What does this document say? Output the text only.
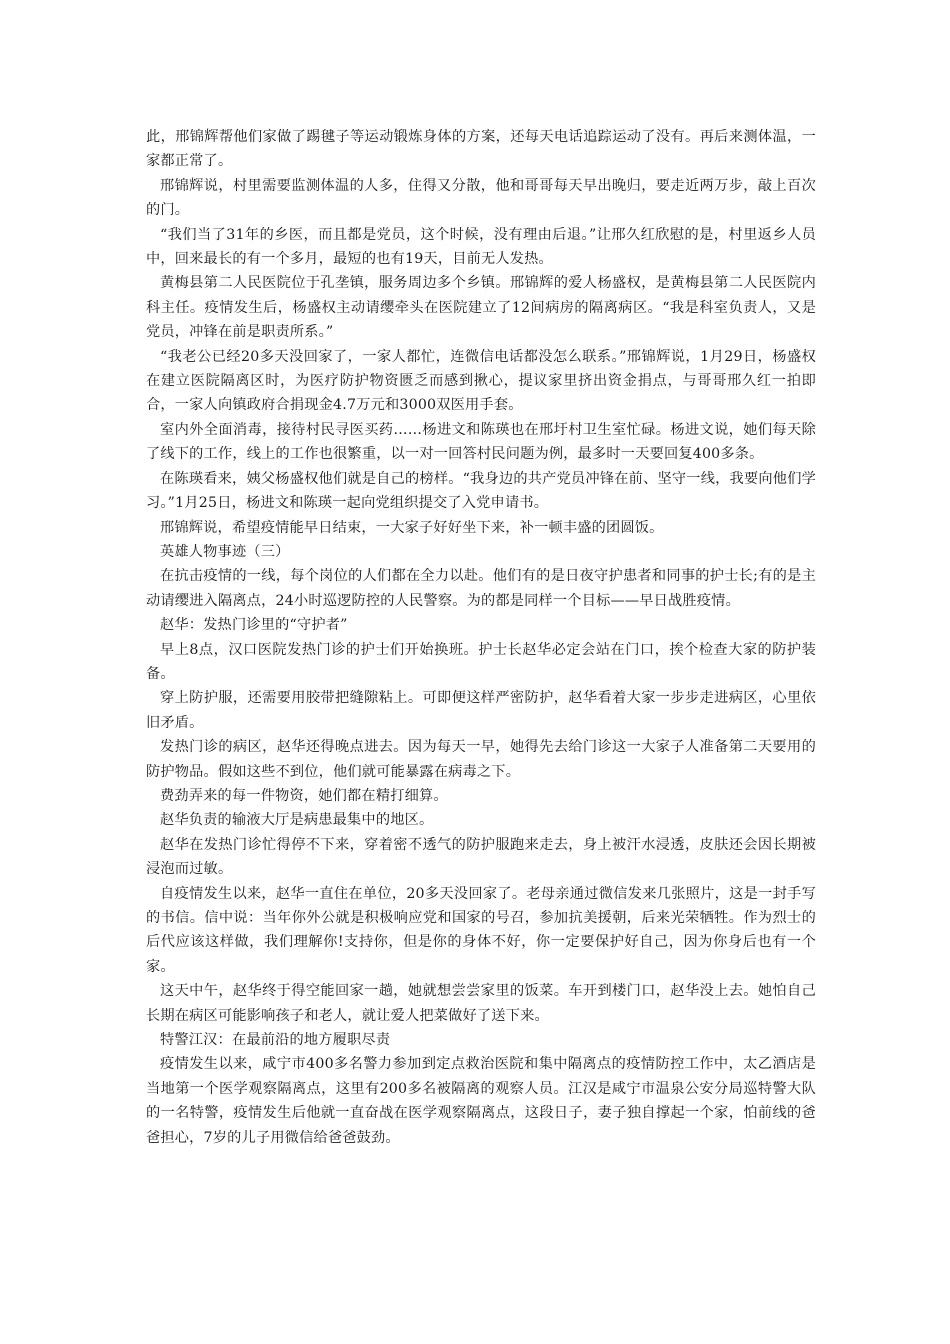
此，邢锦辉帮他们家做了踢毽子等运动锻炼身体的方案，还每天电话追踪运动了没有。再后来测体温，一家都正常了。

邢锦辉说，村里需要监测体温的人多，住得又分散，他和哥哥每天早出晚归，要走近两万步，敲上百次的门。

“我们当了31年的乡医，而且都是党员，这个时候，没有理由后退。”让邢久红欣慰的是，村里返乡人员中，回来最长的有一个多月，最短的也有19天，目前无人发热。

黄梅县第二人民医院位于孔垄镇，服务周边多个乡镇。邢锦辉的爱人杨盛权，是黄梅县第二人民医院内科主任。疫情发生后，杨盛权主动请缨牵头在医院建立了12间病房的隔离病区。“我是科室负责人，又是党员，冲锋在前是职责所系。”

“我老公已经20多天没回家了，一家人都忙，连微信电话都没怎么联系。”邢锦辉说，1月29日，杨盛权在建立医院隔离区时，为医疗防护物资匮乏而感到揪心，提议家里挤出资金捐点，与哥哥邢久红一拍即合，一家人向镇政府合捐现金4.7万元和3000双医用手套。

室内外全面消毒，接待村民寻医买药……杨进文和陈瑛也在邢圩村卫生室忙碌。杨进文说，她们每天除了线下的工作，线上的工作也很繁重，以一对一回答村民问题为例，最多时一天要回复400多条。

在陈瑛看来，姨父杨盛权他们就是自己的榜样。“我身边的共产党员冲锋在前、坚守一线，我要向他们学习。”1月25日，杨进文和陈瑛一起向党组织提交了入党申请书。

邢锦辉说，希望疫情能早日结束，一大家子好好坐下来，补一顿丰盛的团圆饭。

英雄人物事迹（三）

在抗击疫情的一线，每个岗位的人们都在全力以赴。他们有的是日夜守护患者和同事的护士长;有的是主动请缨进入隔离点，24小时巡逻防控的人民警察。为的都是同样一个目标——早日战胜疫情。

赵华：发热门诊里的“守护者”

早上8点，汉口医院发热门诊的护士们开始换班。护士长赵华必定会站在门口，挨个检查大家的防护装备。

穿上防护服，还需要用胶带把缝隙粘上。可即便这样严密防护，赵华看着大家一步步走进病区，心里依旧矛盾。

发热门诊的病区，赵华还得晚点进去。因为每天一早，她得先去给门诊这一大家子人准备第二天要用的防护物品。假如这些不到位，他们就可能暴露在病毒之下。

费劲弄来的每一件物资，她们都在精打细算。

赵华负责的输液大厅是病患最集中的地区。

赵华在发热门诊忙得停不下来，穿着密不透气的防护服跑来走去，身上被汗水浸透，皮肤还会因长期被浸泡而过敏。

自疫情发生以来，赵华一直住在单位，20多天没回家了。老母亲通过微信发来几张照片，这是一封手写的书信。信中说：当年你外公就是积极响应党和国家的号召，参加抗美援朝，后来光荣牺牲。作为烈士的后代应该这样做，我们理解你!支持你，但是你的身体不好，你一定要保护好自己，因为你身后也有一个家。

这天中午，赵华终于得空能回家一趟，她就想尝尝家里的饭菜。车开到楼门口，赵华没上去。她怕自己长期在病区可能影响孩子和老人，就让爱人把菜做好了送下来。

特警江汉：在最前沿的地方履职尽责

疫情发生以来，咸宁市400多名警力参加到定点救治医院和集中隔离点的疫情防控工作中，太乙酒店是当地第一个医学观察隔离点，这里有200多名被隔离的观察人员。江汉是咸宁市温泉公安分局巡特警大队的一名特警，疫情发生后他就一直奋战在医学观察隔离点，这段日子，妻子独自撑起一个家，怕前线的爸爸担心，7岁的儿子用微信给爸爸鼓劲。
